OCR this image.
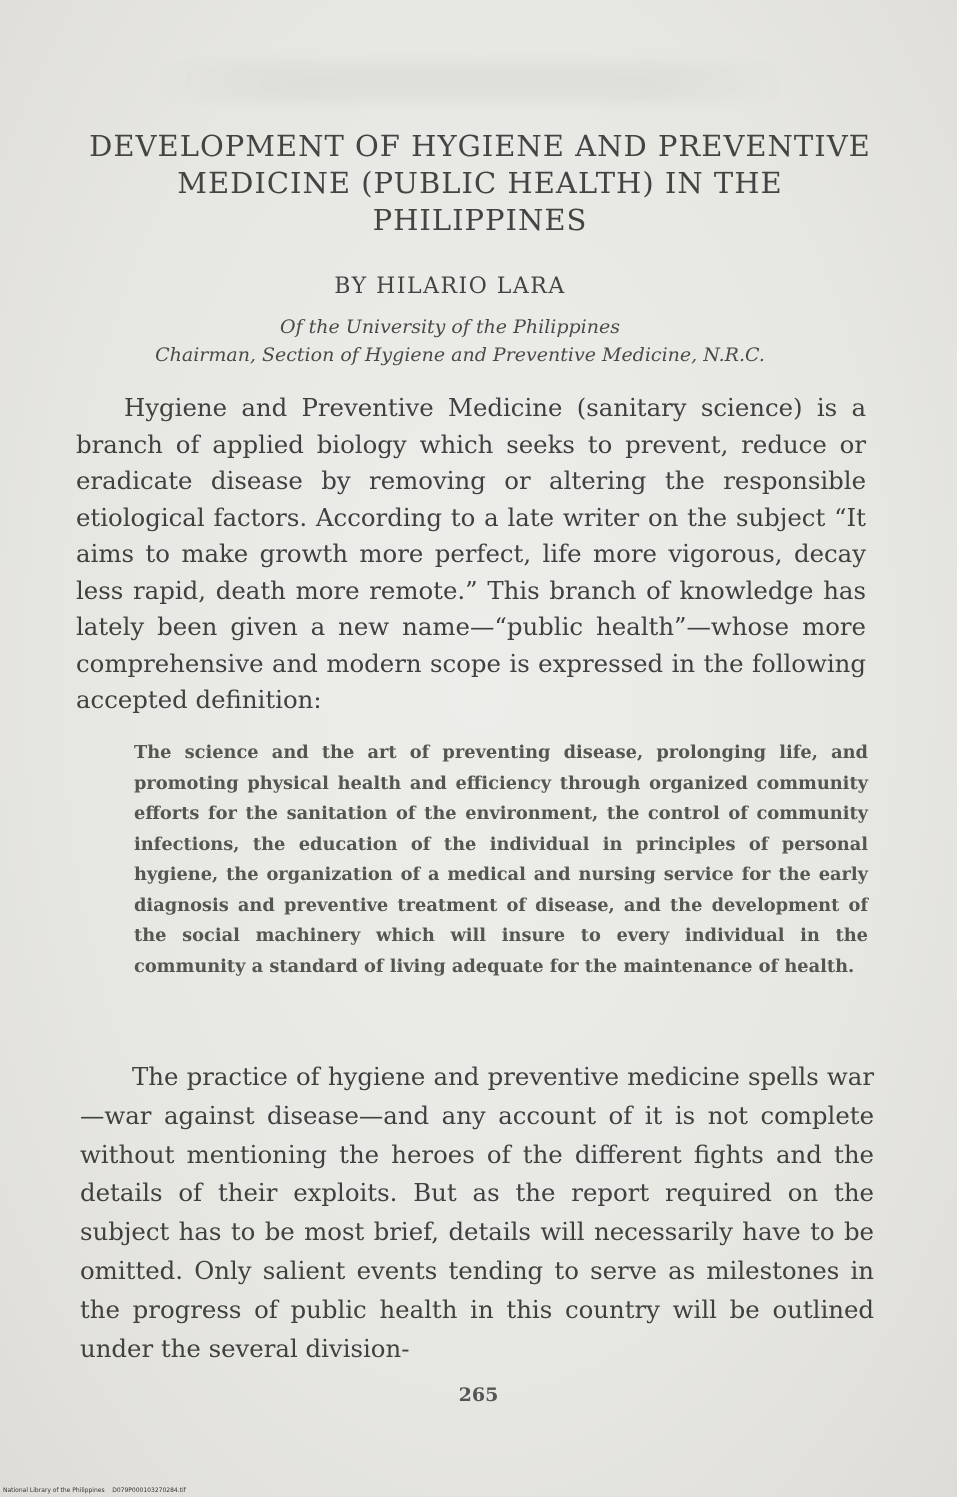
DEVELOPMENT OF HYGIENE AND PREVENTIVE
MEDICINE (PUBLIC HEALTH) IN THE
PHILIPPINES
BY HILARIO LARA
Of the University of the Philippines
Chairman, Section of Hygiene and Preventive Medicine, N.R.C.
Hygiene and Preventive Medicine (sanitary science) is a branch of applied biology which seeks to prevent, reduce or eradicate disease by removing or altering the responsible etiological factors. According to a late writer on the subject “It aims to make growth more perfect, life more vigorous, decay less rapid, death more remote.” This branch of knowledge has lately been given a new name—“public health”—whose more comprehensive and modern scope is expressed in the following accepted definition:
The science and the art of preventing disease, prolonging life, and promoting physical health and efficiency through organized community efforts for the sanitation of the environment, the control of community infections, the education of the individual in principles of personal hygiene, the organization of a medical and nursing service for the early diagnosis and preventive treatment of disease, and the development of the social machinery which will insure to every individual in the community a standard of living adequate for the maintenance of health.
The practice of hygiene and preventive medicine spells war—war against disease—and any account of it is not complete without mentioning the heroes of the different fights and the details of their exploits. But as the report required on the subject has to be most brief, details will necessarily have to be omitted. Only salient events tending to serve as milestones in the progress of public health in this country will be outlined under the several division-
265
National Library of the Philippines D079P000103270284.tif
